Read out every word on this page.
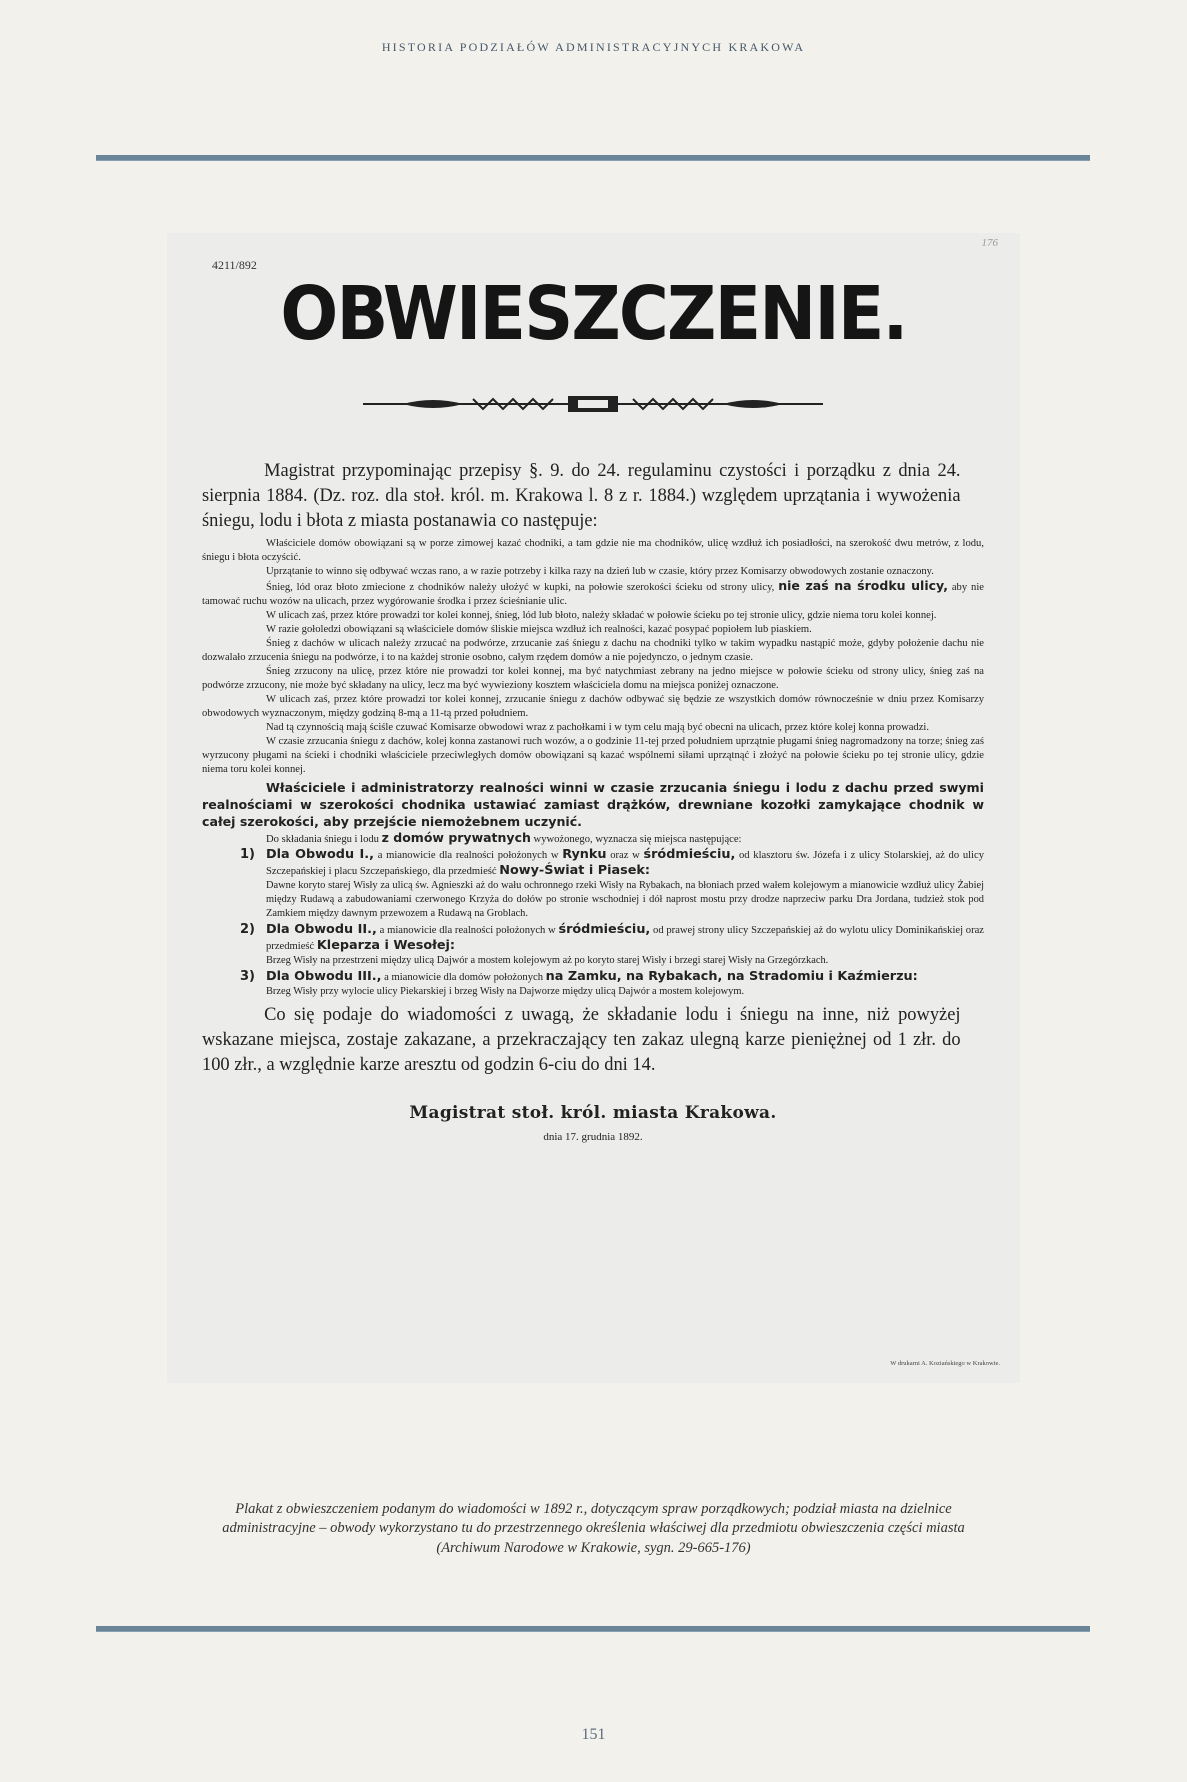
HISTORIA PODZIAŁÓW ADMINISTRACYJNYCH KRAKOWA
4211/892
176
OBWIESZCZENIE.

Magistrat przypominając przepisy §. 9. do 24. regulaminu czystości i porządku z dnia 24. sierpnia 1884. (Dz. roz. dla stoł. król. m. Krakowa l. 8 z r. 1884.) względem uprzątania i wywożenia śniegu, lodu i błota z miasta postanawia co następuje:

Właściciele domów obowiązani są w porze zimowej kazać chodniki, a tam gdzie nie ma chodników, ulicę wzdłuż ich posiadłości, na szerokość dwu metrów, z lodu, śniegu i błota oczyścić.

Uprzątanie to winno się odbywać wczas rano, a w razie potrzeby i kilka razy na dzień lub w czasie, który przez Komisarzy obwodowych zostanie oznaczony.

Śnieg, lód oraz błoto zmiecione z chodników należy ułożyć w kupki, na połowie szerokości ścieku od strony ulicy, nie zaś na środku ulicy, aby nie tamować ruchu wozów na ulicach, przez wygórowanie środka i przez ścieśnianie ulic.

W ulicach zaś, przez które prowadzi tor kolei konnej, śnieg, lód lub błoto, należy składać w połowie ścieku po tej stronie ulicy, gdzie niema toru kolei konnej.

W razie gołoledzi obowiązani są właściciele domów śliskie miejsca wzdłuż ich realności, kazać posypać popiołem lub piaskiem.

Śnieg z dachów w ulicach należy zrzucać na podwórze, zrzucanie zaś śniegu z dachu na chodniki tylko w takim wypadku nastąpić może, gdyby położenie dachu nie dozwalało zrzucenia śniegu na podwórze, i to na każdej stronie osobno, całym rzędem domów a nie pojedynczo, o jednym czasie.

Śnieg zrzucony na ulicę, przez które nie prowadzi tor kolei konnej, ma być natychmiast zebrany na jedno miejsce w połowie ścieku od strony ulicy, śnieg zaś na podwórze zrzucony, nie może być składany na ulicy, lecz ma być wywieziony kosztem właściciela domu na miejsca poniżej oznaczone.

W ulicach zaś, przez które prowadzi tor kolei konnej, zrzucanie śniegu z dachów odbywać się będzie ze wszystkich domów równocześnie w dniu przez Komisarzy obwodowych wyznaczonym, między godziną 8-mą a 11-tą przed południem.

Nad tą czynnością mają ściśle czuwać Komisarze obwodowi wraz z pachołkami i w tym celu mają być obecni na ulicach, przez które kolej konna prowadzi.

W czasie zrzucania śniegu z dachów, kolej konna zastanowi ruch wozów, a o godzinie 11-tej przed południem uprzątnie pługami śnieg nagromadzony na torze; śnieg zaś wyrzucony pługami na ścieki i chodniki właściciele przeciwległych domów obowiązani są kazać wspólnemi siłami uprzątnąć i złożyć na połowie ścieku po tej stronie ulicy, gdzie niema toru kolei konnej.

Właściciele i administratorzy realności winni w czasie zrzucania śniegu i lodu z dachu przed swymi realnościami w szerokości chodnika ustawiać zamiast drążków, drewniane kozołki zamykające chodnik w całej szerokości, aby przejście niemożebnem uczynić.

Do składania śniegu i lodu z domów prywatnych wywożonego, wyznacza się miejsca następujące:

1) Dla Obwodu I., a mianowicie dla realności położonych w Rynku oraz w śródmieściu, od klasztoru św. Józefa i z ulicy Stolarskiej, aż do ulicy Szczepańskiej i placu Szczepańskiego, dla przedmieść Nowy-Świat i Piasek:

Dawne koryto starej Wisły za ulicą św. Agnieszki aż do wału ochronnego rzeki Wisły na Rybakach, na błoniach przed wałem kolejowym a mianowicie wzdłuż ulicy Żabiej między Rudawą a zabudowaniami czerwonego Krzyża do dołów po stronie wschodniej i dół naprost mostu przy drodze naprzeciw parku Dra Jordana, tudzież stok pod Zamkiem między dawnym przewozem a Rudawą na Groblach.

2) Dla Obwodu II., a mianowicie dla realności położonych w śródmieściu, od prawej strony ulicy Szczepańskiej aż do wylotu ulicy Dominikańskiej oraz przedmieść Kleparza i Wesołej:

Brzeg Wisły na przestrzeni między ulicą Dajwór a mostem kolejowym aż po koryto starej Wisły i brzegi starej Wisły na Grzegórzkach.

3) Dla Obwodu III., a mianowicie dla domów położonych na Zamku, na Rybakach, na Stradomiu i Kaźmierzu:

Brzeg Wisły przy wylocie ulicy Piekarskiej i brzeg Wisły na Dajworze między ulicą Dajwór a mostem kolejowym.

Co się podaje do wiadomości z uwagą, że składanie lodu i śniegu na inne, niż powyżej wskazane miejsca, zostaje zakazane, a przekraczający ten zakaz ulegną karze pieniężnej od 1 złr. do 100 złr., a względnie karze aresztu od godzin 6-ciu do dni 14.

Magistrat stoł. król. miasta Krakowa.
dnia 17. grudnia 1892.
W drukarni A. Koziańskiego w Krakowie.
Plakat z obwieszczeniem podanym do wiadomości w 1892 r., dotyczącym spraw porządkowych; podział miasta na dzielnice administracyjne – obwody wykorzystano tu do przestrzennego określenia właściwej dla przedmiotu obwieszczenia części miasta
(Archiwum Narodowe w Krakowie, sygn. 29-665-176)
151
